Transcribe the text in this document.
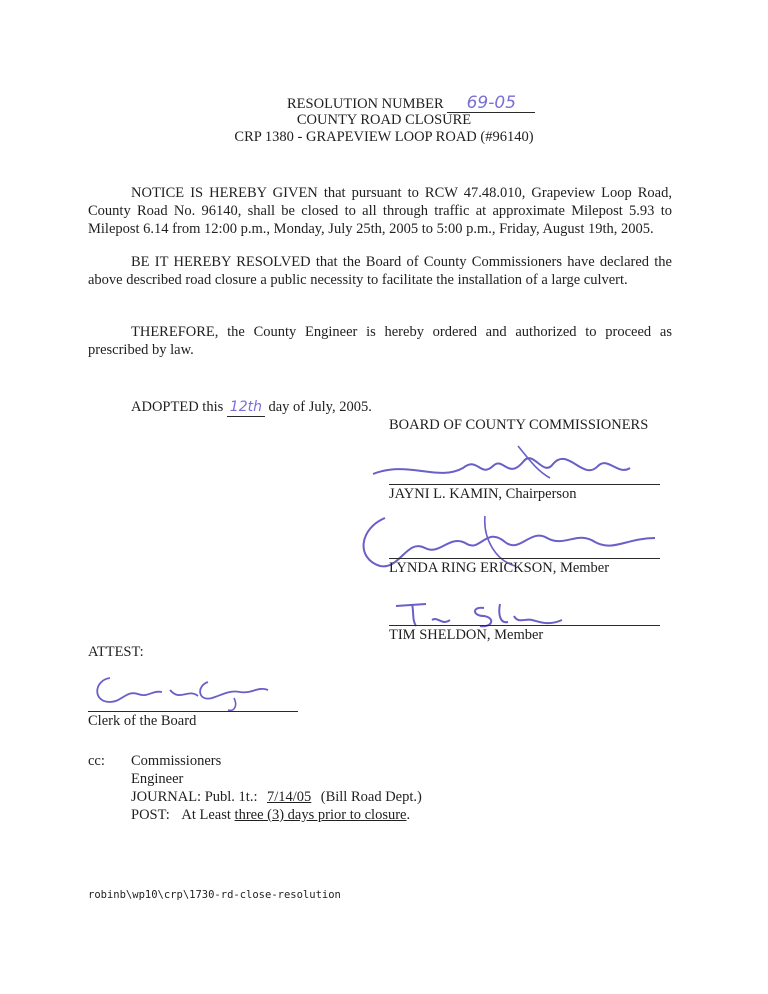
RESOLUTION NUMBER 69-05
COUNTY ROAD CLOSURE
CRP 1380 - GRAPEVIEW LOOP ROAD (#96140)
NOTICE IS HEREBY GIVEN that pursuant to RCW 47.48.010, Grapeview Loop Road, County Road No. 96140, shall be closed to all through traffic at approximate Milepost 5.93 to Milepost 6.14 from 12:00 p.m., Monday, July 25th, 2005 to 5:00 p.m., Friday, August 19th, 2005.
BE IT HEREBY RESOLVED that the Board of County Commissioners have declared the above described road closure a public necessity to facilitate the installation of a large culvert.
THEREFORE, the County Engineer is hereby ordered and authorized to proceed as prescribed by law.
ADOPTED this 12th day of July, 2005.
BOARD OF COUNTY COMMISSIONERS
JAYNI L. KAMIN, Chairperson
LYNDA RING ERICKSON, Member
TIM SHELDON, Member
ATTEST:
Clerk of the Board
cc: Commissioners
Engineer
JOURNAL: Publ. 1t.: 7/14/05 (Bill Road Dept.)
POST: At Least three (3) days prior to closure.
robinb\wp10\crp\1730-rd-close-resolution
